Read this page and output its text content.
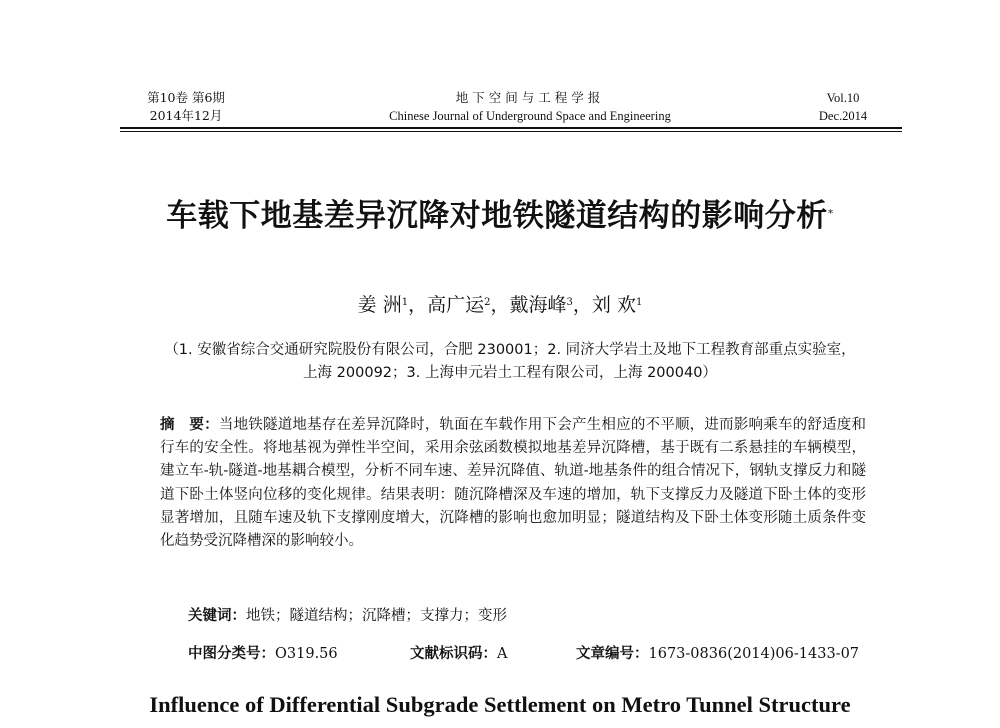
第10卷 第6期
2014年12月
地下空间与工程学报
Chinese Journal of Underground Space and Engineering
Vol.10
Dec.2014
车载下地基差异沉降对地铁隧道结构的影响分析*
姜 洲$^1$，高广运$^2$，戴海峰$^3$，刘 欢$^1$
（1. 安徽省综合交通研究院股份有限公司，合肥 230001；2. 同济大学岩土及地下工程教育部重点实验室，
上海 200092；3. 上海申元岩土工程有限公司，上海 200040）
摘　要：当地铁隧道地基存在差异沉降时，轨面在车载作用下会产生相应的不平顺，进而影响乘车的舒适度和行车的安全性。将地基视为弹性半空间，采用余弦函数模拟地基差异沉降槽，基于既有二系悬挂的车辆模型，建立车-轨-隧道-地基耦合模型，分析不同车速、差异沉降值、轨道-地基条件的组合情况下，钢轨支撑反力和隧道下卧土体竖向位移的变化规律。结果表明：随沉降槽深及车速的增加，轨下支撑反力及隧道下卧土体的变形显著增加，且随车速及轨下支撑刚度增大，沉降槽的影响也愈加明显；隧道结构及下卧土体变形随土质条件变化趋势受沉降槽深的影响较小。
关键词：地铁；隧道结构；沉降槽；支撑力；变形
中图分类号：O319.56	文献标识码：A	文章编号：1673-0836(2014)06-1433-07
Influence of Differential Subgrade Settlement on Metro Tunnel Structure
